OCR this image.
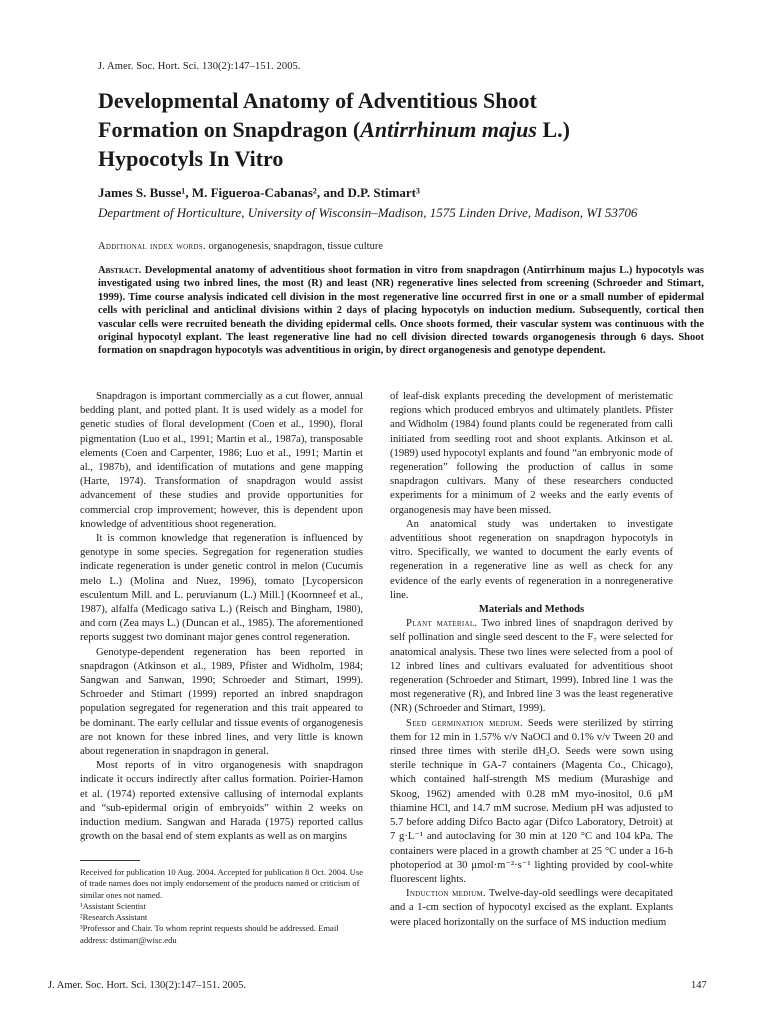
J. Amer. Soc. Hort. Sci. 130(2):147–151. 2005.
Developmental Anatomy of Adventitious Shoot
Formation on Snapdragon (Antirrhinum majus L.)
Hypocotyls In Vitro
James S. Busse¹, M. Figueroa-Cabanas², and D.P. Stimart³
Department of Horticulture, University of Wisconsin–Madison, 1575 Linden Drive, Madison, WI 53706
Additional index words. organogenesis, snapdragon, tissue culture
Abstract. Developmental anatomy of adventitious shoot formation in vitro from snapdragon (Antirrhinum majus L.) hypocotyls was investigated using two inbred lines, the most (R) and least (NR) regenerative lines selected from screening (Schroeder and Stimart, 1999). Time course analysis indicated cell division in the most regenerative line occurred first in one or a small number of epidermal cells with periclinal and anticlinal divisions within 2 days of placing hypocotyls on induction medium. Subsequently, cortical then vascular cells were recruited beneath the dividing epidermal cells. Once shoots formed, their vascular system was continuous with the original hypocotyl explant. The least regenerative line had no cell division directed towards organogenesis through 6 days. Shoot formation on snapdragon hypocotyls was adventitious in origin, by direct organogenesis and genotype dependent.

Snapdragon is important commercially as a cut flower, annual bedding plant, and potted plant. It is used widely as a model for genetic studies of floral development (Coen et al., 1990), floral pigmentation (Luo et al., 1991; Martin et al., 1987a), transposable elements (Coen and Carpenter, 1986; Luo et al., 1991; Martin et al., 1987b), and identification of mutations and gene mapping (Harte, 1974). Transformation of snapdragon would assist advancement of these studies and provide opportunities for commercial crop improvement; however, this is dependent upon knowledge of adventitious shoot regeneration.

It is common knowledge that regeneration is influenced by genotype in some species. Segregation for regeneration studies indicate regeneration is under genetic control in melon (Cucumis melo L.) (Molina and Nuez, 1996), tomato [Lycopersicon esculentum Mill. and L. peruvianum (L.) Mill.] (Koornneef et al., 1987), alfalfa (Medicago sativa L.) (Reisch and Bingham, 1980), and corn (Zea mays L.) (Duncan et al., 1985). The aforementioned reports suggest two dominant major genes control regeneration.

Genotype-dependent regeneration has been reported in snapdragon (Atkinson et al., 1989, Pfister and Widholm, 1984; Sangwan and Sanwan, 1990; Schroeder and Stimart, 1999). Schroeder and Stimart (1999) reported an inbred snapdragon population segregated for regeneration and this trait appeared to be dominant. The early cellular and tissue events of organogenesis are not known for these inbred lines, and very little is known about regeneration in snapdragon in general.

Most reports of in vitro organogenesis with snapdragon indicate it occurs indirectly after callus formation. Poirier-Hamon et al. (1974) reported extensive callusing of internodal explants and “sub-epidermal origin of embryoids” within 2 weeks on induction medium. Sangwan and Harada (1975) reported callus growth on the basal end of stem explants as well as on margins

Received for publication 10 Aug. 2004. Accepted for publication 8 Oct. 2004. Use of trade names does not imply endorsement of the products named or criticism of similar ones not named.
¹Assistant Scientist
²Research Assistant
³Professor and Chair. To whom reprint requests should be addressed. Email address: dstimart@wisc.edu

of leaf-disk explants preceding the development of meristematic regions which produced embryos and ultimately plantlets. Pfister and Widholm (1984) found plants could be regenerated from calli initiated from seedling root and shoot explants. Atkinson et al. (1989) used hypocotyl explants and found “an embryonic mode of regeneration” following the production of callus in some snapdragon cultivars. Many of these researchers conducted experiments for a minimum of 2 weeks and the early events of organogenesis may have been missed.

An anatomical study was undertaken to investigate adventitious shoot regeneration on snapdragon hypocotyls in vitro. Specifically, we wanted to document the early events of regeneration in a regenerative line as well as check for any evidence of the early events of regeneration in a nonregenerative line.

Materials and Methods

Plant material. Two inbred lines of snapdragon derived by self pollination and single seed descent to the F₇ were selected for anatomical analysis. These two lines were selected from a pool of 12 inbred lines and cultivars evaluated for adventitious shoot regeneration (Schroeder and Stimart, 1999). Inbred line 1 was the most regenerative (R), and Inbred line 3 was the least regenerative (NR) (Schroeder and Stimart, 1999).

Seed germination medium. Seeds were sterilized by stirring them for 12 min in 1.57% v/v NaOCl and 0.1% v/v Tween 20 and rinsed three times with sterile dH₂O. Seeds were sown using sterile technique in GA-7 containers (Magenta Co., Chicago), which contained half-strength MS medium (Murashige and Skoog, 1962) amended with 0.28 mM myo-inositol, 0.6 μM thiamine HCl, and 14.7 mM sucrose. Medium pH was adjusted to 5.7 before adding Difco Bacto agar (Difco Laboratory, Detroit) at 7 g·L⁻¹ and autoclaving for 30 min at 120 °C and 104 kPa. The containers were placed in a growth chamber at 25 °C under a 16-h photoperiod at 30 μmol·m⁻²·s⁻¹ lighting provided by cool-white fluorescent lights.

Induction medium. Twelve-day-old seedlings were decapitated and a 1-cm section of hypocotyl excised as the explant. Explants were placed horizontally on the surface of MS induction medium

J. Amer. Soc. Hort. Sci. 130(2):147–151. 2005.	147
